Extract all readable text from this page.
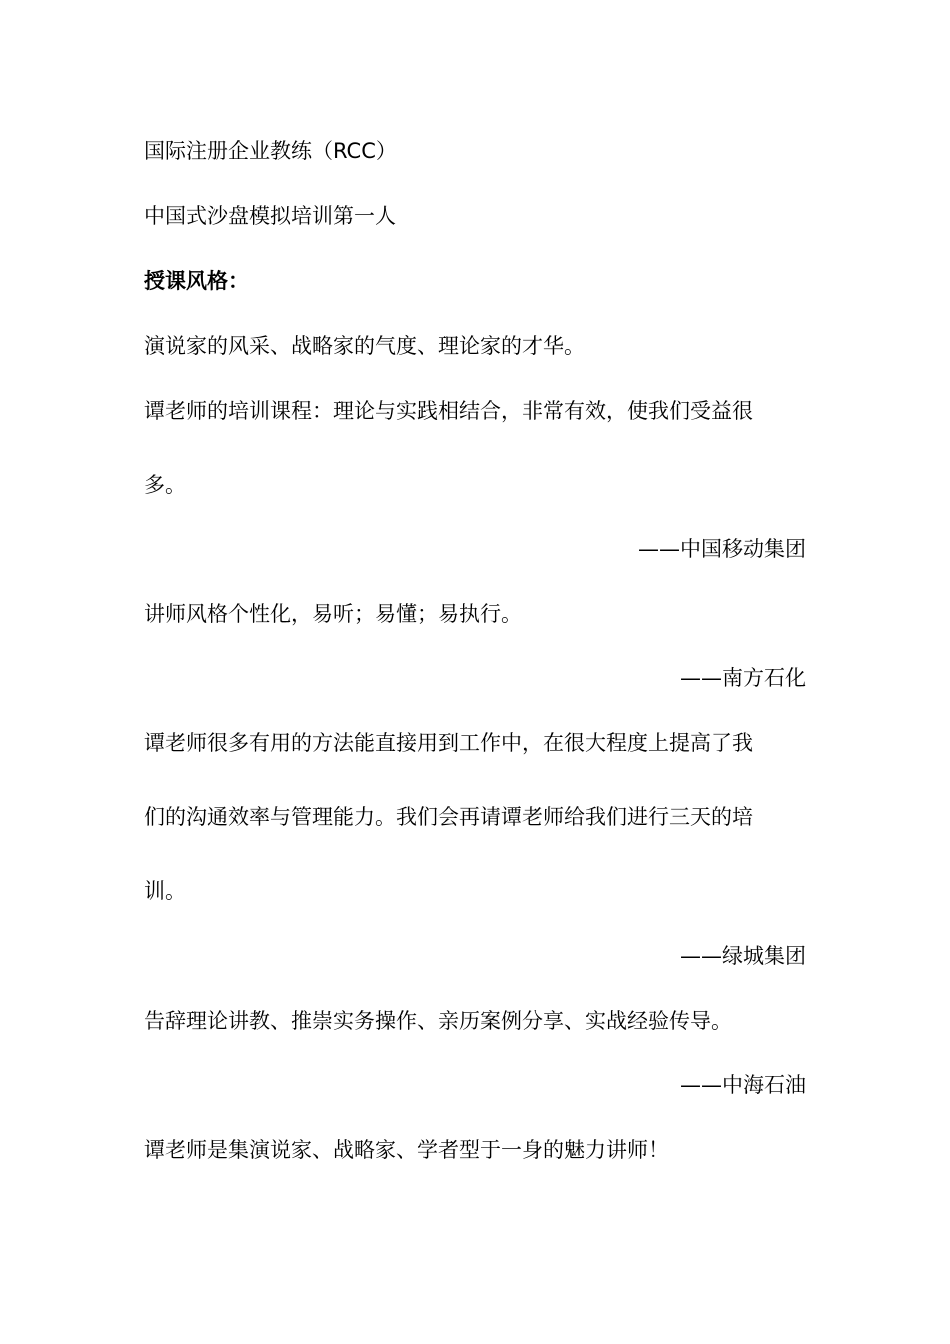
国际注册企业教练（RCC）
中国式沙盘模拟培训第一人
授课风格：
演说家的风采、战略家的气度、理论家的才华。
谭老师的培训课程：理论与实践相结合，非常有效，使我们受益很
多。
——中国移动集团
讲师风格个性化，易听；易懂；易执行。
——南方石化
谭老师很多有用的方法能直接用到工作中，在很大程度上提高了我
们的沟通效率与管理能力。我们会再请谭老师给我们进行三天的培
训。
——绿城集团
告辞理论讲教、推崇实务操作、亲历案例分享、实战经验传导。
——中海石油
谭老师是集演说家、战略家、学者型于一身的魅力讲师！
